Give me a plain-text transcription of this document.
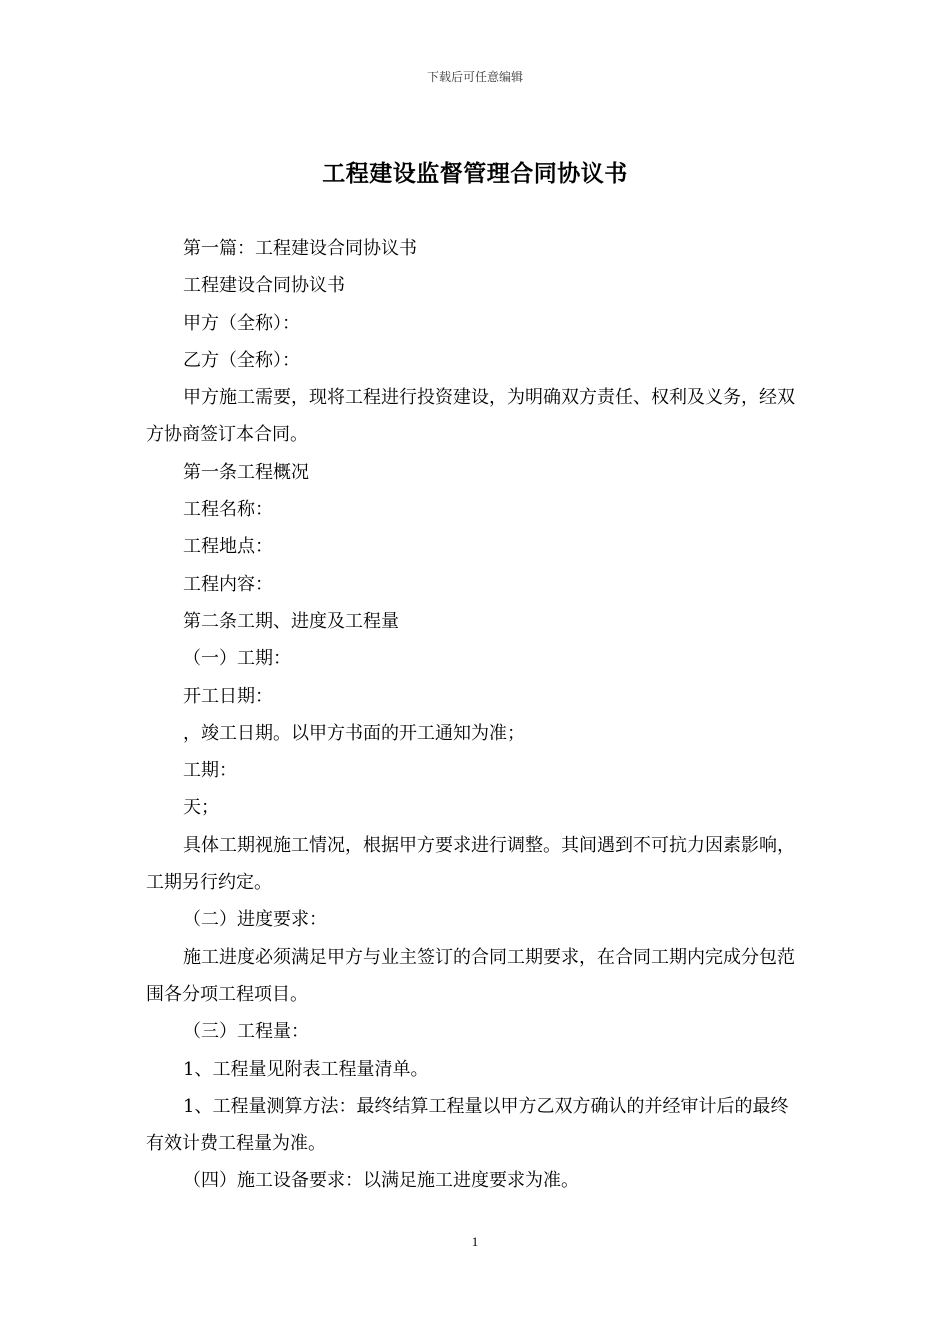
下载后可任意编辑
工程建设监督管理合同协议书

第一篇：工程建设合同协议书

工程建设合同协议书

甲方（全称）：

乙方（全称）：

甲方施工需要，现将工程进行投资建设，为明确双方责任、权利及义务，经双方协商签订本合同。

第一条工程概况

工程名称：

工程地点：

工程内容：

第二条工期、进度及工程量

（一）工期：

开工日期：

，竣工日期。以甲方书面的开工通知为准；

工期：

天；

具体工期视施工情况，根据甲方要求进行调整。其间遇到不可抗力因素影响，工期另行约定。

（二）进度要求：

施工进度必须满足甲方与业主签订的合同工期要求，在合同工期内完成分包范围各分项工程项目。

（三）工程量：

1、工程量见附表工程量清单。

1、工程量测算方法：最终结算工程量以甲方乙双方确认的并经审计后的最终有效计费工程量为准。

（四）施工设备要求：以满足施工进度要求为准。

1
